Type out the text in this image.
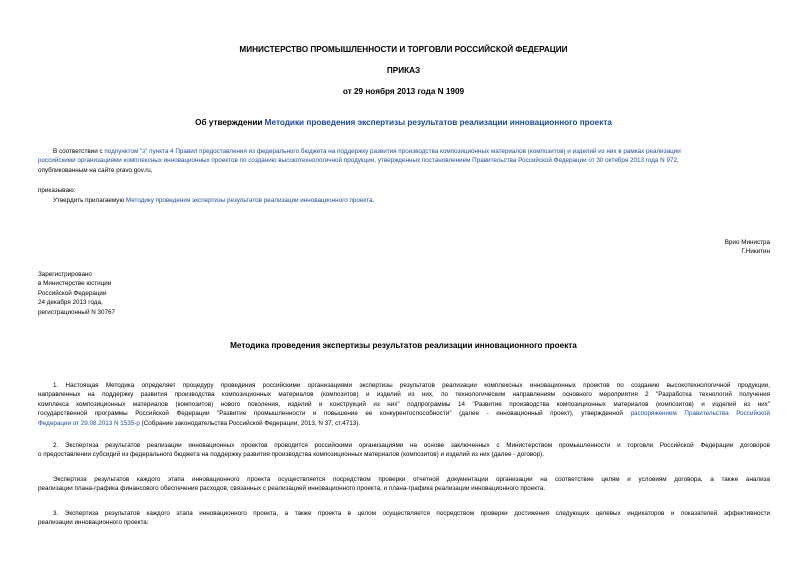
МИНИСТЕРСТВО ПРОМЫШЛЕННОСТИ И ТОРГОВЛИ РОССИЙСКОЙ ФЕДЕРАЦИИ
ПРИКАЗ
от 29 ноября 2013 года N 1909
Об утверждении Методики проведения экспертизы результатов реализации инновационного проекта
В соответствии с подпунктом "з" пункта 4 Правил предоставления из федерального бюджета на поддержку развития производства композиционных материалов (композитов) и изделий из них в рамках реализации
российскими организациями комплексных инновационных проектов по созданию высокотехнологичной продукции, утвержденных постановлением Правительства Российской Федерации от 30 октября 2013 года N 972,
опубликованным на сайте pravo.gov.ru,
приказываю:
Утвердить прилагаемую Методику проведения экспертизы результатов реализации инновационного проекта.
Врио Министра
Г.Никитин
Зарегистрировано
в Министерстве юстиции
Российской Федерации
24 декабря 2013 года,
регистрационный N 30767
Методика проведения экспертизы результатов реализации инновационного проекта
1. Настоящая Методика определяет процедуру проведения российскими организациями экспертизы результатов реализации комплексных инновационных проектов по созданию высокотехнологичной продукции,
направленных на поддержку развития производства композиционных материалов (композитов) и изделий из них, по технологическим направлениям основного мероприятия 2 "Разработка технологий получения
комплекса композиционных материалов (композитов) нового поколения, изделий и конструкций из них" подпрограммы 14 "Развитие производства композиционных материалов (композитов) и изделий из них"
государственной программы Российской Федерации "Развитие промышленности и повышение ее конкурентоспособности" (далее - инновационный проект), утвержденной распоряжением Правительства Российской
Федерации от 29.08.2013 N 1535-р (Собрание законодательства Российской Федерации, 2013, N 37, ст.4713).
2. Экспертиза результатов реализации инновационных проектов проводится российскими организациями на основе заключенных с Министерством промышленности и торговли Российской Федерации договоров
о предоставлении субсидий из федерального бюджета на поддержку развития производства композиционных материалов (композитов) и изделий из них (далее - договор).
Экспертиза результатов каждого этапа инновационного проекта осуществляется посредством проверки отчетной документации организации на соответствие целям и условиям договора, а также анализа
реализации плана-графика финансового обеспечения расходов, связанных с реализацией инновационного проекта, и плана-графика реализации инновационного проекта.
3. Экспертиза результатов каждого этапа инновационного проекта, а также проекта в целом осуществляется посредством проверки достижения следующих целевых индикаторов и показателей эффективности
реализации инновационного проекта:
